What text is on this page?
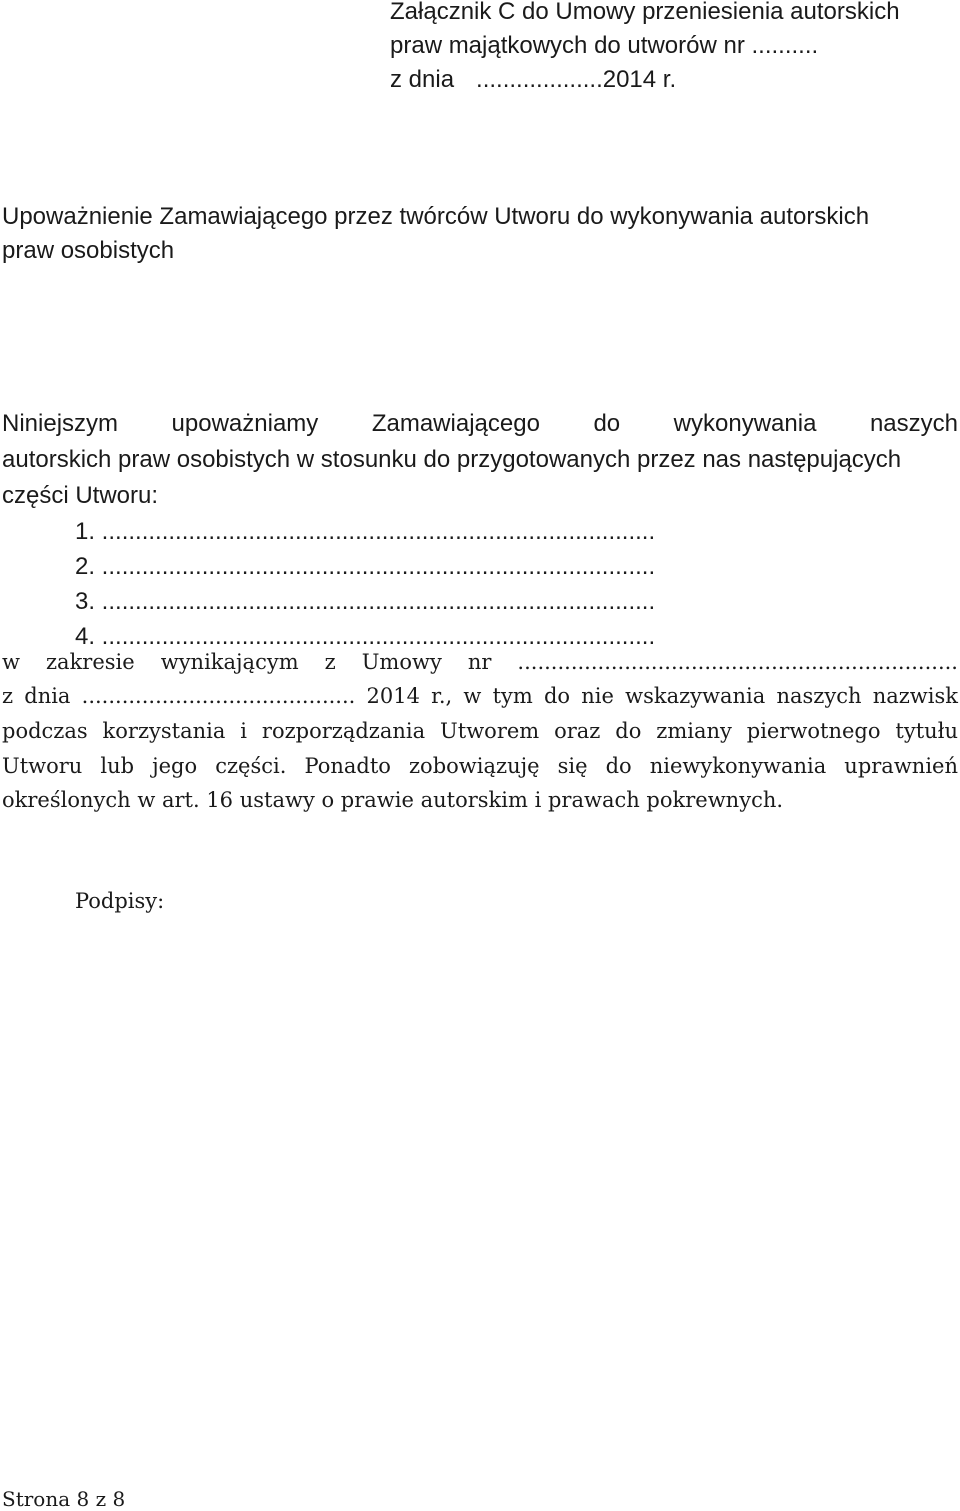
Załącznik C do Umowy przeniesienia autorskich
praw majątkowych do utworów nr ..........
z dnia ...................2014 r.
Upoważnienie Zamawiającego przez twórców Utworu do wykonywania autorskich
praw osobistych
Niniejszym upoważniamy Zamawiającego do wykonywania naszych
autorskich praw osobistych w stosunku do przygotowanych przez nas następujących
części Utworu:
1. ...................................................................................
2. ...................................................................................
3. ...................................................................................
4. ...................................................................................
w zakresie wynikającym z Umowy nr ..................................................................
z dnia ......................................... 2014 r., w tym do nie wskazywania naszych nazwisk
podczas korzystania i rozporządzania Utworem oraz do zmiany pierwotnego tytułu
Utworu lub jego części. Ponadto zobowiązuję się do niewykonywania uprawnień
określonych w art. 16 ustawy o prawie autorskim i prawach pokrewnych.
Podpisy:
Strona 8 z 8
